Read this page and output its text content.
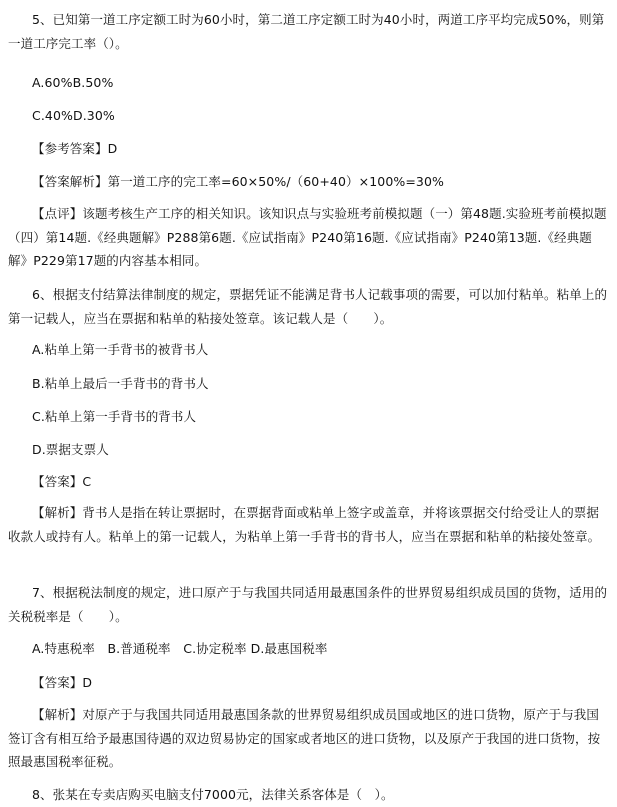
5、已知第一道工序定额工时为60小时，第二道工序定额工时为40小时，两道工序平均完成50%，则第一道工序完工率（）。
A.60%B.50%
C.40%D.30%
【参考答案】D
【答案解析】第一道工序的完工率=60×50%/（60+40）×100%=30%
【点评】该题考核生产工序的相关知识。该知识点与实验班考前模拟题（一）第48题.实验班考前模拟题（四）第14题.《经典题解》P288第6题.《应试指南》P240第16题.《应试指南》P240第13题.《经典题解》P229第17题的内容基本相同。
6、根据支付结算法律制度的规定，票据凭证不能满足背书人记载事项的需要，可以加付粘单。粘单上的第一记载人，应当在票据和粘单的粘接处签章。该记载人是（　　）。
A.粘单上第一手背书的被背书人
B.粘单上最后一手背书的背书人
C.粘单上第一手背书的背书人
D.票据支票人
【答案】C
【解析】背书人是指在转让票据时，在票据背面或粘单上签字或盖章，并将该票据交付给受让人的票据收款人或持有人。粘单上的第一记载人，为粘单上第一手背书的背书人，应当在票据和粘单的粘接处签章。
7、根据税法制度的规定，进口原产于与我国共同适用最惠国条件的世界贸易组织成员国的货物，适用的关税税率是（　　）。
A.特惠税率　B.普通税率　C.协定税率 D.最惠国税率
【答案】D
【解析】对原产于与我国共同适用最惠国条款的世界贸易组织成员国或地区的进口货物，原产于与我国签订含有相互给予最惠国待遇的双边贸易协定的国家或者地区的进口货物，以及原产于我国的进口货物，按照最惠国税率征税。
8、张某在专卖店购买电脑支付7000元，法律关系客体是（　）。
